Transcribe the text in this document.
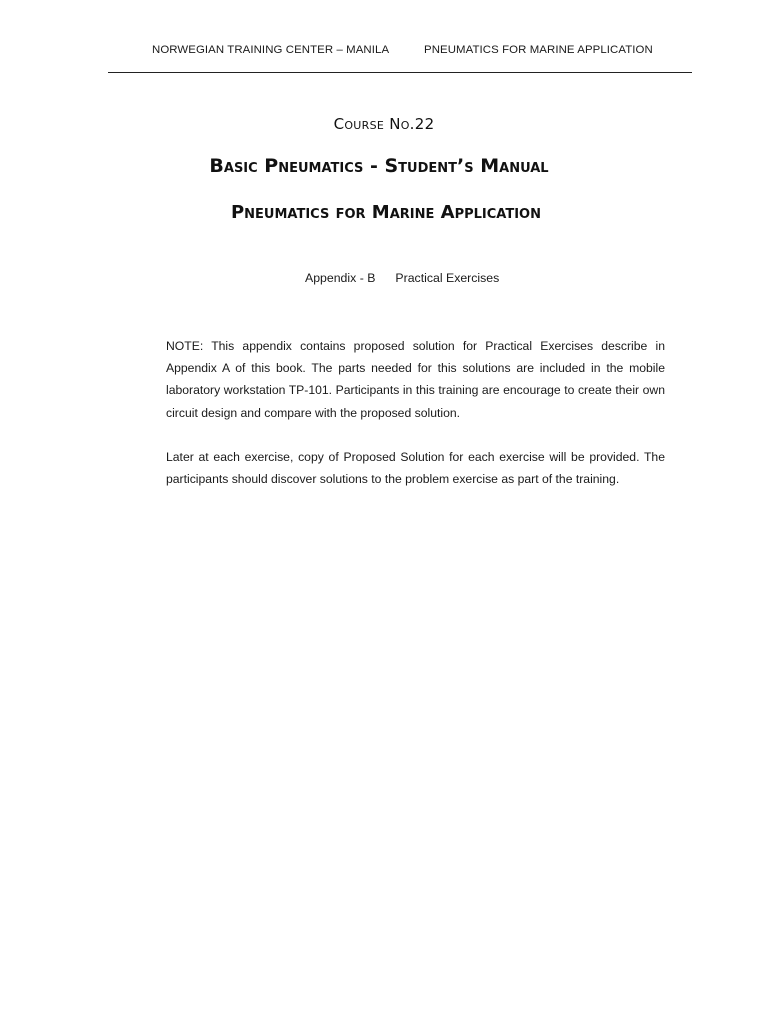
NORWEGIAN TRAINING CENTER – MANILA	PNEUMATICS FOR MARINE APPLICATION
Course No.22
Basic Pneumatics - Student’s Manual
Pneumatics for Marine Application
Appendix - B Practical Exercises

NOTE: This appendix contains proposed solution for Practical Exercises describe in Appendix A of this book. The parts needed for this solutions are included in the mobile laboratory workstation TP-101. Participants in this training are encourage to create their own circuit design and compare with the proposed solution.

Later at each exercise, copy of Proposed Solution for each exercise will be provided. The participants should discover solutions to the problem exercise as part of the training.
